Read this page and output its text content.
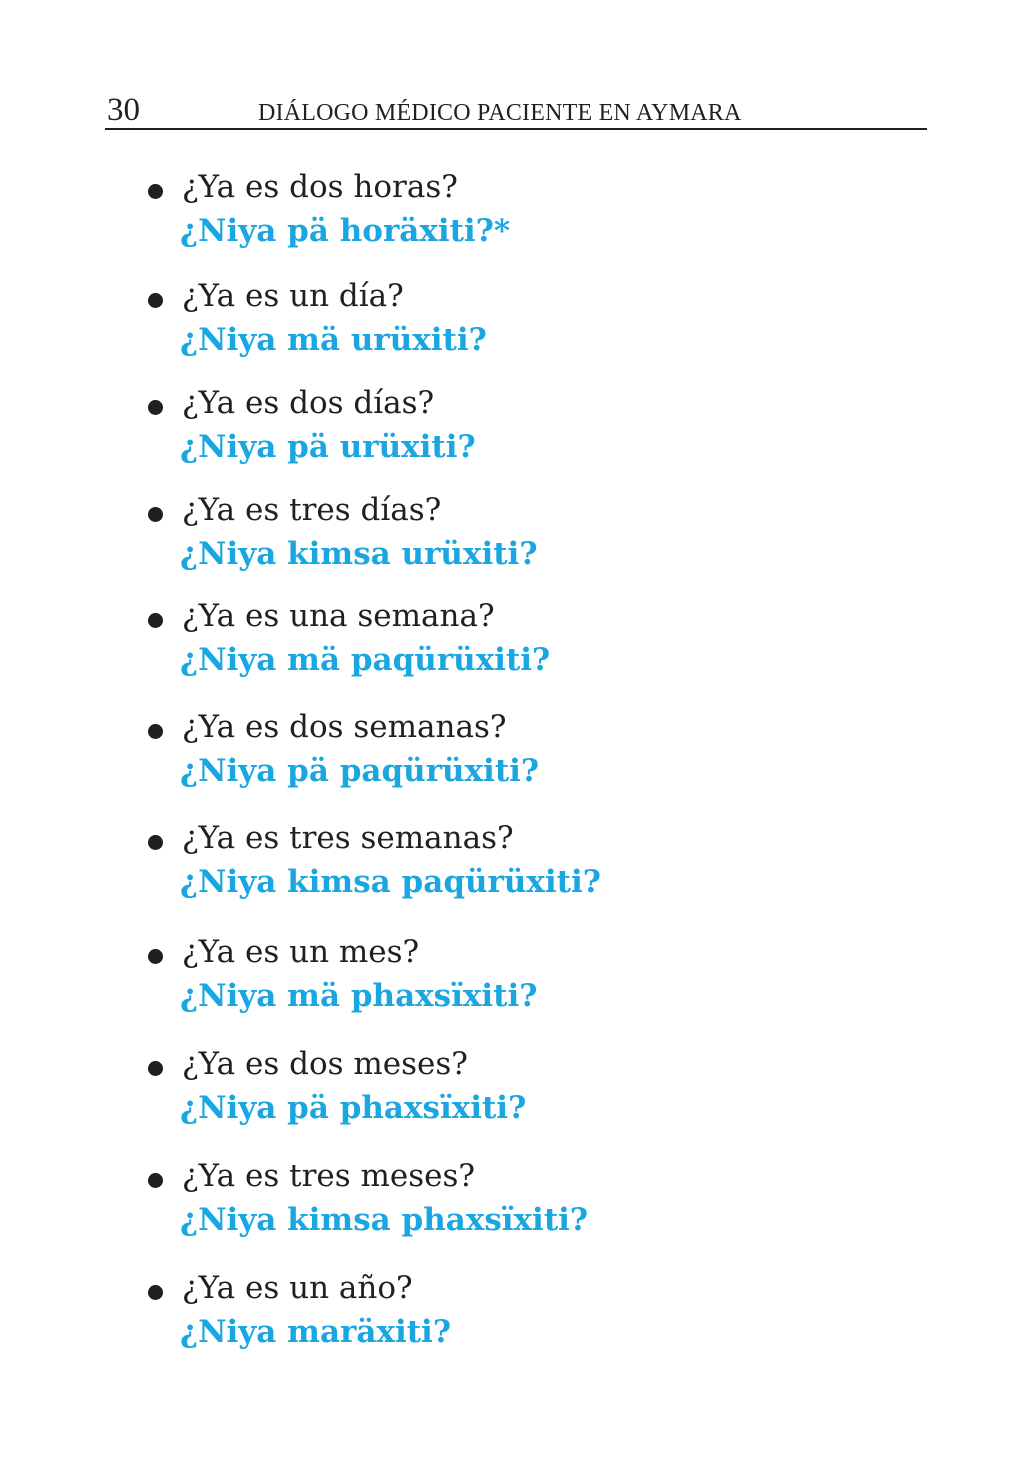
30	DIÁLOGO MÉDICO PACIENTE EN AYMARA
¿Ya es dos horas?
¿Niya pä horäxiti?*
¿Ya es un día?
¿Niya mä urüxiti?
¿Ya es dos días?
¿Niya pä urüxiti?
¿Ya es tres días?
¿Niya kimsa urüxiti?
¿Ya es una semana?
¿Niya mä paqürüxiti?
¿Ya es dos semanas?
¿Niya pä paqürüxiti?
¿Ya es tres semanas?
¿Niya kimsa paqürüxiti?
¿Ya es un mes?
¿Niya mä phaxsïxiti?
¿Ya es dos meses?
¿Niya pä phaxsïxiti?
¿Ya es tres meses?
¿Niya kimsa phaxsïxiti?
¿Ya es un año?
¿Niya maräxiti?
